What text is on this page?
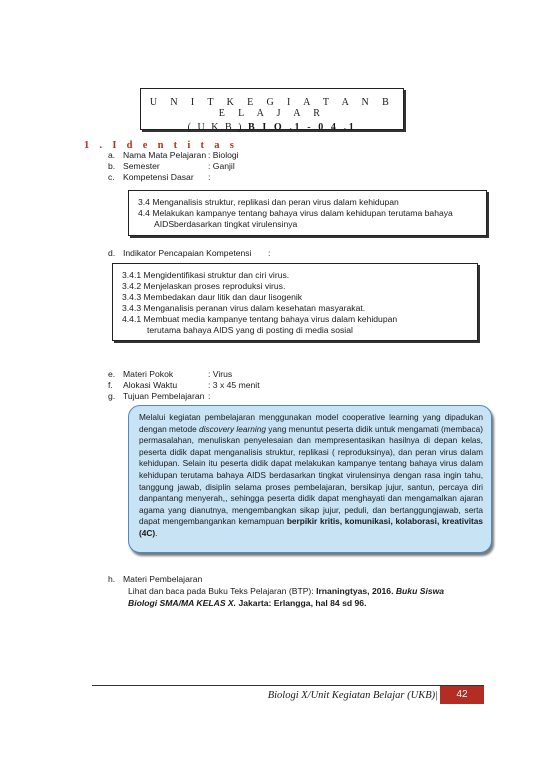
U N I T K E G I A T A N B E L A J A R
( U K B ) B I O .1 - 0 4 .1
1 . I d e n t i t a s
a. Nama Mata Pelajaran : Biologi
b. Semester	: Ganjil
c. Kompetensi Dasar :
3.4 Menganalisis struktur, replikasi dan peran virus dalam kehidupan
4.4 Melakukan kampanye tentang bahaya virus dalam kehidupan terutama bahaya
AIDSberdasarkan tingkat virulensinya
d. Indikator Pencapaian Kompetensi :
3.4.1 Mengidentifikasi struktur dan ciri virus.
3.4.2 Menjelaskan proses reproduksi virus.
3.4.3 Membedakan daur litik dan daur lisogenik
3.4.3 Menganalisis peranan virus dalam kesehatan masyarakat.
4.4.1 Membuat media kampanye tentang bahaya virus dalam kehidupan
terutama bahaya AIDS yang di posting di media sosial
e. Materi Pokok	: Virus
f. Alokasi Waktu	: 3 x 45 menit
g. Tujuan Pembelajaran :
Melalui kegiatan pembelajaran menggunakan model cooperative learning yang dipadukan dengan metode discovery learning yang menuntut peserta didik untuk mengamati (membaca) permasalahan, menuliskan penyelesaian dan mempresentasikan hasilnya di depan kelas, peserta didik dapat menganalisis struktur, replikasi ( reproduksinya), dan peran virus dalam kehidupan. Selain itu peserta didik dapat melakukan kampanye tentang bahaya virus dalam kehidupan terutama bahaya AIDS berdasarkan tingkat virulensinya dengan rasa ingin tahu, tanggung jawab, disiplin selama proses pembelajaran, bersikap jujur, santun, percaya diri danpantang menyerah,, sehingga peserta didik dapat menghayati dan mengamalkan ajaran agama yang dianutnya, mengembangkan sikap jujur, peduli, dan bertanggungjawab, serta dapat mengembangankan kemampuan berpikir kritis, komunikasi, kolaborasi, kreativitas (4C).
h. Materi Pembelajaran
Lihat dan baca pada Buku Teks Pelajaran (BTP): Irnaningtyas, 2016. Buku Siswa
Biologi SMA/MA KELAS X. Jakarta: Erlangga, hal 84 sd 96.
Biologi X/Unit Kegiatan Belajar (UKB)|	42
